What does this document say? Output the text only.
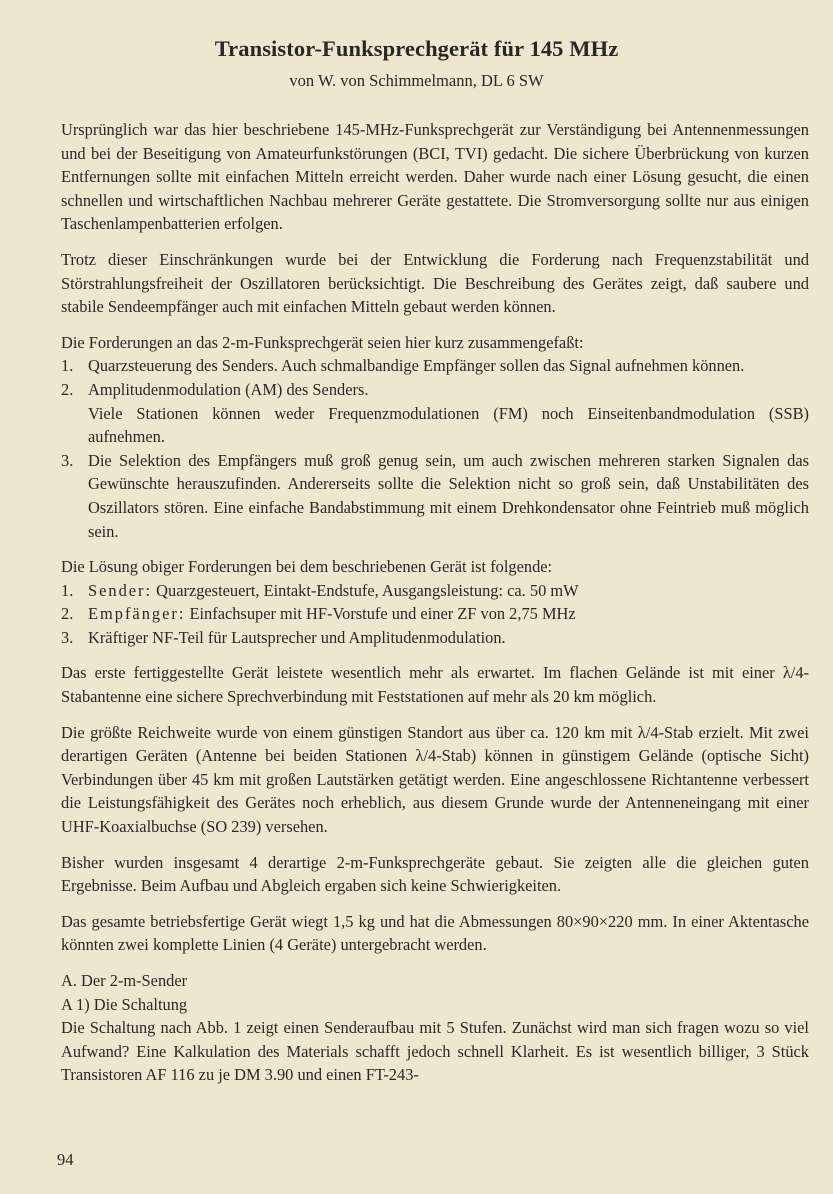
Transistor-Funksprechgerät für 145 MHz
von W. von Schimmelmann, DL 6 SW

Ursprünglich war das hier beschriebene 145-MHz-Funksprechgerät zur Verständigung bei Antennenmessungen und bei der Beseitigung von Amateurfunkstörungen (BCI, TVI) gedacht. Die sichere Überbrückung von kurzen Entfernungen sollte mit einfachen Mitteln erreicht werden. Daher wurde nach einer Lösung gesucht, die einen schnellen und wirtschaftlichen Nachbau mehrerer Geräte gestattete. Die Stromversorgung sollte nur aus einigen Taschenlampenbatterien erfolgen.

Trotz dieser Einschränkungen wurde bei der Entwicklung die Forderung nach Frequenzstabilität und Störstrahlungsfreiheit der Oszillatoren berücksichtigt. Die Beschreibung des Gerätes zeigt, daß saubere und stabile Sendeempfänger auch mit einfachen Mitteln gebaut werden können.

Die Forderungen an das 2-m-Funksprechgerät seien hier kurz zusammengefaßt:

1. Quarzsteuerung des Senders. Auch schmalbandige Empfänger sollen das Signal aufnehmen können.
2. Amplitudenmodulation (AM) des Senders.
Viele Stationen können weder Frequenzmodulationen (FM) noch Einseitenbandmodulation (SSB) aufnehmen.
3. Die Selektion des Empfängers muß groß genug sein, um auch zwischen mehreren starken Signalen das Gewünschte herauszufinden. Andererseits sollte die Selektion nicht so groß sein, daß Unstabilitäten des Oszillators stören. Eine einfache Bandabstimmung mit einem Drehkondensator ohne Feintrieb muß möglich sein.

Die Lösung obiger Forderungen bei dem beschriebenen Gerät ist folgende:

1. Sender: Quarzgesteuert, Eintakt-Endstufe, Ausgangsleistung: ca. 50 mW
2. Empfänger: Einfachsuper mit HF-Vorstufe und einer ZF von 2,75 MHz
3. Kräftiger NF-Teil für Lautsprecher und Amplitudenmodulation.

Das erste fertiggestellte Gerät leistete wesentlich mehr als erwartet. Im flachen Gelände ist mit einer λ/4-Stabantenne eine sichere Sprechverbindung mit Feststationen auf mehr als 20 km möglich.

Die größte Reichweite wurde von einem günstigen Standort aus über ca. 120 km mit λ/4-Stab erzielt. Mit zwei derartigen Geräten (Antenne bei beiden Stationen λ/4-Stab) können in günstigem Gelände (optische Sicht) Verbindungen über 45 km mit großen Lautstärken getätigt werden. Eine angeschlossene Richtantenne verbessert die Leistungsfähigkeit des Gerätes noch erheblich, aus diesem Grunde wurde der Antenneneingang mit einer UHF-Koaxialbuchse (SO 239) versehen.

Bisher wurden insgesamt 4 derartige 2-m-Funksprechgeräte gebaut. Sie zeigten alle die gleichen guten Ergebnisse. Beim Aufbau und Abgleich ergaben sich keine Schwierigkeiten.

Das gesamte betriebsfertige Gerät wiegt 1,5 kg und hat die Abmessungen 80×90×220 mm. In einer Aktentasche könnten zwei komplette Linien (4 Geräte) untergebracht werden.

A. Der 2-m-Sender

A 1) Die Schaltung

Die Schaltung nach Abb. 1 zeigt einen Senderaufbau mit 5 Stufen. Zunächst wird man sich fragen wozu so viel Aufwand? Eine Kalkulation des Materials schafft jedoch schnell Klarheit. Es ist wesentlich billiger, 3 Stück Transistoren AF 116 zu je DM 3.90 und einen FT-243-

94
